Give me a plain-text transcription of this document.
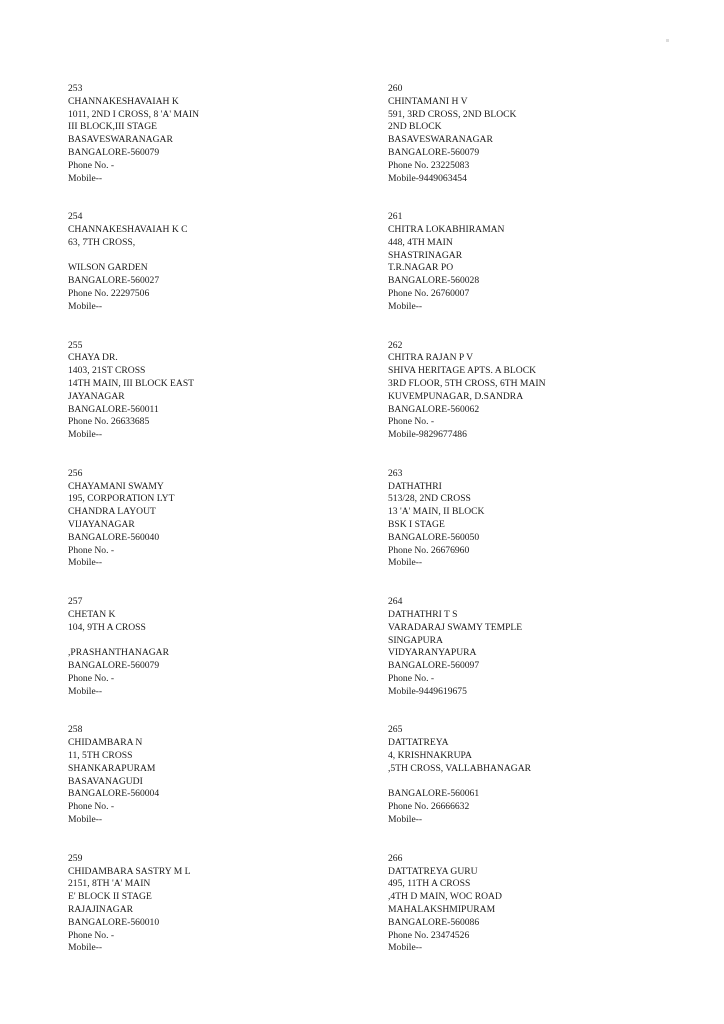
253
CHANNAKESHAVAIAH K
1011, 2ND I CROSS, 8 'A' MAIN
III BLOCK,III STAGE
BASAVESWARANAGAR
BANGALORE-560079
Phone No. -
Mobile--
254
CHANNAKESHAVAIAH K C
63, 7TH CROSS,
WILSON GARDEN
BANGALORE-560027
Phone No. 22297506
Mobile--
255
CHAYA DR.
1403, 21ST CROSS
14TH MAIN, III BLOCK EAST
JAYANAGAR
BANGALORE-560011
Phone No. 26633685
Mobile--
256
CHAYAMANI SWAMY
195, CORPORATION LYT
CHANDRA LAYOUT
VIJAYANAGAR
BANGALORE-560040
Phone No. -
Mobile--
257
CHETAN K
104, 9TH A CROSS
,PRASHANTHANAGAR
BANGALORE-560079
Phone No. -
Mobile--
258
CHIDAMBARA N
11, 5TH CROSS
SHANKARAPURAM
BASAVANAGUDI
BANGALORE-560004
Phone No. -
Mobile--
259
CHIDAMBARA SASTRY M L
2151, 8TH 'A' MAIN
E' BLOCK II STAGE
RAJAJINAGAR
BANGALORE-560010
Phone No. -
Mobile--
260
CHINTAMANI H V
591, 3RD CROSS, 2ND BLOCK
2ND BLOCK
BASAVESWARANAGAR
BANGALORE-560079
Phone No. 23225083
Mobile-9449063454
261
CHITRA LOKABHIRAMAN
448, 4TH MAIN
SHASTRINAGAR
T.R.NAGAR PO
BANGALORE-560028
Phone No. 26760007
Mobile--
262
CHITRA RAJAN P V
SHIVA HERITAGE APTS. A BLOCK
3RD FLOOR, 5TH CROSS, 6TH MAIN
KUVEMPUNAGAR, D.SANDRA
BANGALORE-560062
Phone No. -
Mobile-9829677486
263
DATHATHRI
513/28, 2ND CROSS
13 'A' MAIN, II BLOCK
BSK I STAGE
BANGALORE-560050
Phone No. 26676960
Mobile--
264
DATHATHRI T S
VARADARAJ SWAMY TEMPLE
SINGAPURA
VIDYARANYAPURA
BANGALORE-560097
Phone No. -
Mobile-9449619675
265
DATTATREYA
4, KRISHNAKRUPA
,5TH CROSS, VALLABHANAGAR
BANGALORE-560061
Phone No. 26666632
Mobile--
266
DATTATREYA GURU
495, 11TH A CROSS
,4TH D MAIN, WOC ROAD
MAHALAKSHMIPURAM
BANGALORE-560086
Phone No. 23474526
Mobile--
